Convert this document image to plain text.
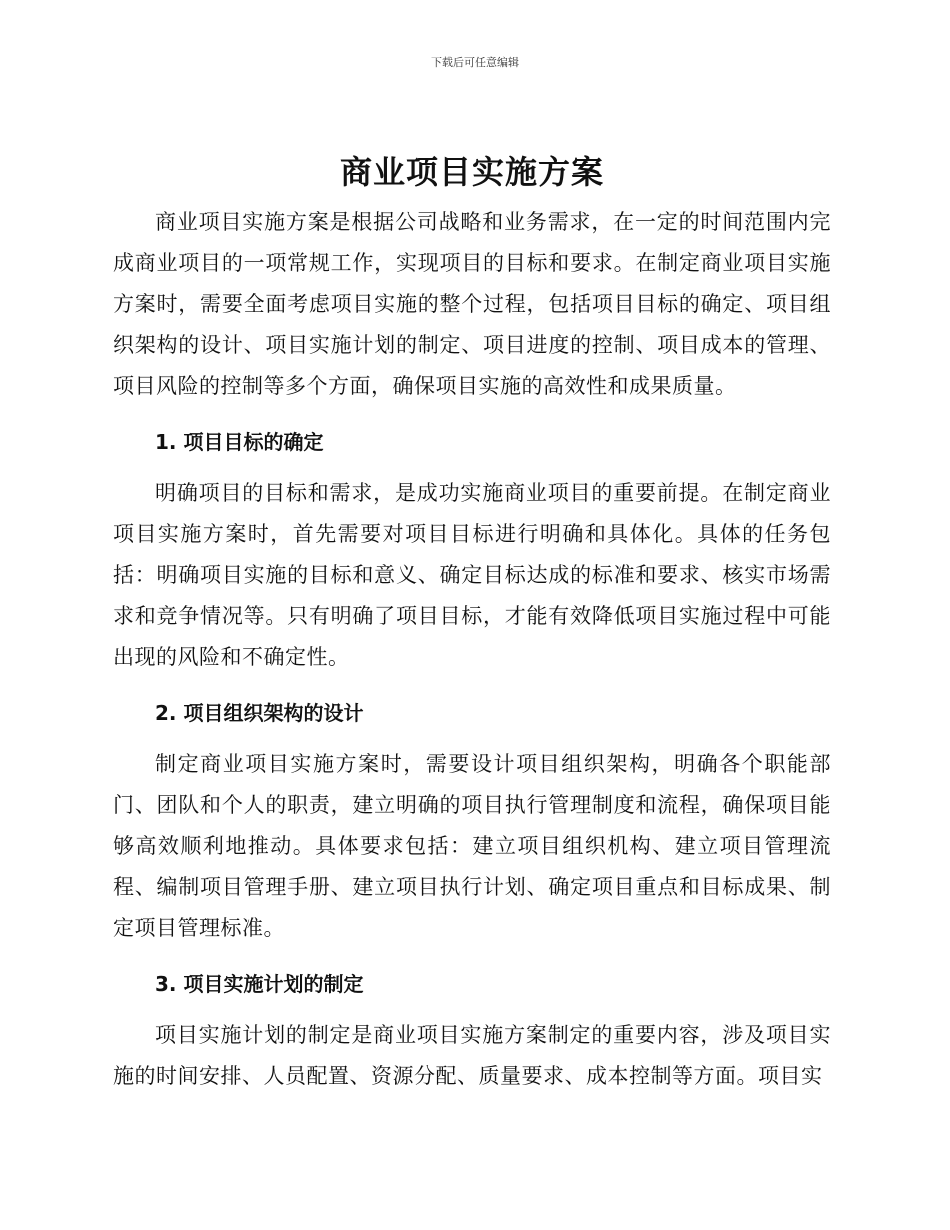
下载后可任意编辑
商业项目实施方案

商业项目实施方案是根据公司战略和业务需求，在一定的时间范围内完成商业项目的一项常规工作，实现项目的目标和要求。在制定商业项目实施方案时，需要全面考虑项目实施的整个过程，包括项目目标的确定、项目组织架构的设计、项目实施计划的制定、项目进度的控制、项目成本的管理、项目风险的控制等多个方面，确保项目实施的高效性和成果质量。

1. 项目目标的确定

明确项目的目标和需求，是成功实施商业项目的重要前提。在制定商业项目实施方案时，首先需要对项目目标进行明确和具体化。具体的任务包括：明确项目实施的目标和意义、确定目标达成的标准和要求、核实市场需求和竞争情况等。只有明确了项目目标，才能有效降低项目实施过程中可能出现的风险和不确定性。

2. 项目组织架构的设计

制定商业项目实施方案时，需要设计项目组织架构，明确各个职能部门、团队和个人的职责，建立明确的项目执行管理制度和流程，确保项目能够高效顺利地推动。具体要求包括：建立项目组织机构、建立项目管理流程、编制项目管理手册、建立项目执行计划、确定项目重点和目标成果、制定项目管理标准。

3. 项目实施计划的制定

项目实施计划的制定是商业项目实施方案制定的重要内容，涉及项目实施的时间安排、人员配置、资源分配、质量要求、成本控制等方面。项目实
